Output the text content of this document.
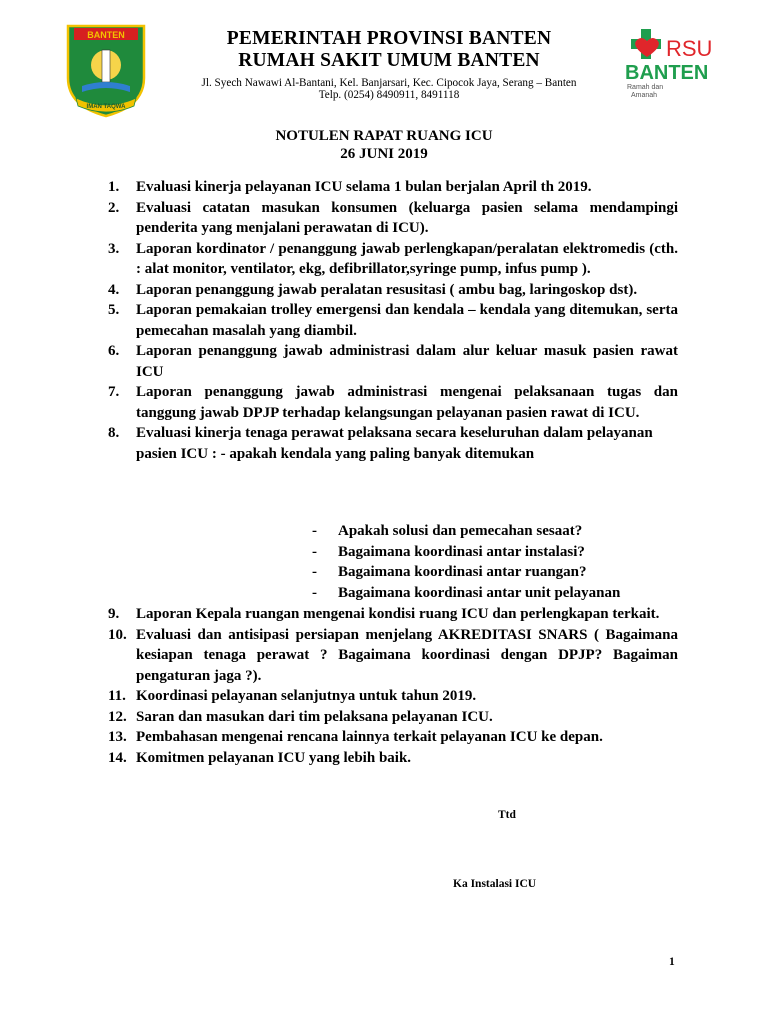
BANTEN
IMAN TAQWA
RSU
BANTEN
Ramah dan
Amanah
PEMERINTAH PROVINSI BANTEN
RUMAH SAKIT UMUM BANTEN
Jl. Syech Nawawi Al-Bantani, Kel. Banjarsari, Kec. Cipocok Jaya, Serang – Banten
Telp. (0254) 8490911, 8491118
NOTULEN RAPAT RUANG ICU
26 JUNI 2019
1.	Evaluasi kinerja pelayanan ICU selama 1 bulan berjalan April th 2019.
2.	Evaluasi catatan masukan konsumen (keluarga pasien selama mendampingi penderita yang menjalani perawatan di ICU).
3.	Laporan kordinator / penanggung jawab perlengkapan/peralatan elektromedis (cth. : alat monitor, ventilator, ekg, defibrillator,syringe pump, infus pump ).
4.	Laporan penanggung jawab peralatan resusitasi ( ambu bag, laringoskop dst).
5.	Laporan pemakaian trolley emergensi dan kendala – kendala yang ditemukan, serta pemecahan masalah yang diambil.
6.	Laporan penanggung jawab administrasi dalam alur keluar masuk pasien rawat ICU
7.	Laporan penanggung jawab administrasi mengenai pelaksanaan tugas dan tanggung jawab DPJP terhadap kelangsungan pelayanan pasien rawat di ICU.
8.	Evaluasi kinerja tenaga perawat pelaksana secara keseluruhan dalam pelayanan pasien ICU : - apakah kendala yang paling banyak ditemukan
-	Apakah solusi dan pemecahan sesaat?
-	Bagaimana koordinasi antar instalasi?
-	Bagaimana koordinasi antar ruangan?
-	Bagaimana koordinasi antar unit pelayanan
9.	Laporan Kepala ruangan mengenai kondisi ruang ICU dan perlengkapan terkait.
10. Evaluasi dan antisipasi persiapan menjelang AKREDITASI SNARS ( Bagaimana kesiapan tenaga perawat ? Bagaimana koordinasi dengan DPJP? Bagaiman pengaturan jaga ?).
11. Koordinasi pelayanan selanjutnya untuk tahun 2019.
12. Saran dan masukan dari tim pelaksana pelayanan ICU.
13. Pembahasan mengenai rencana lainnya terkait pelayanan ICU ke depan.
14. Komitmen pelayanan ICU yang lebih baik.
Ttd
Ka Instalasi ICU
1
